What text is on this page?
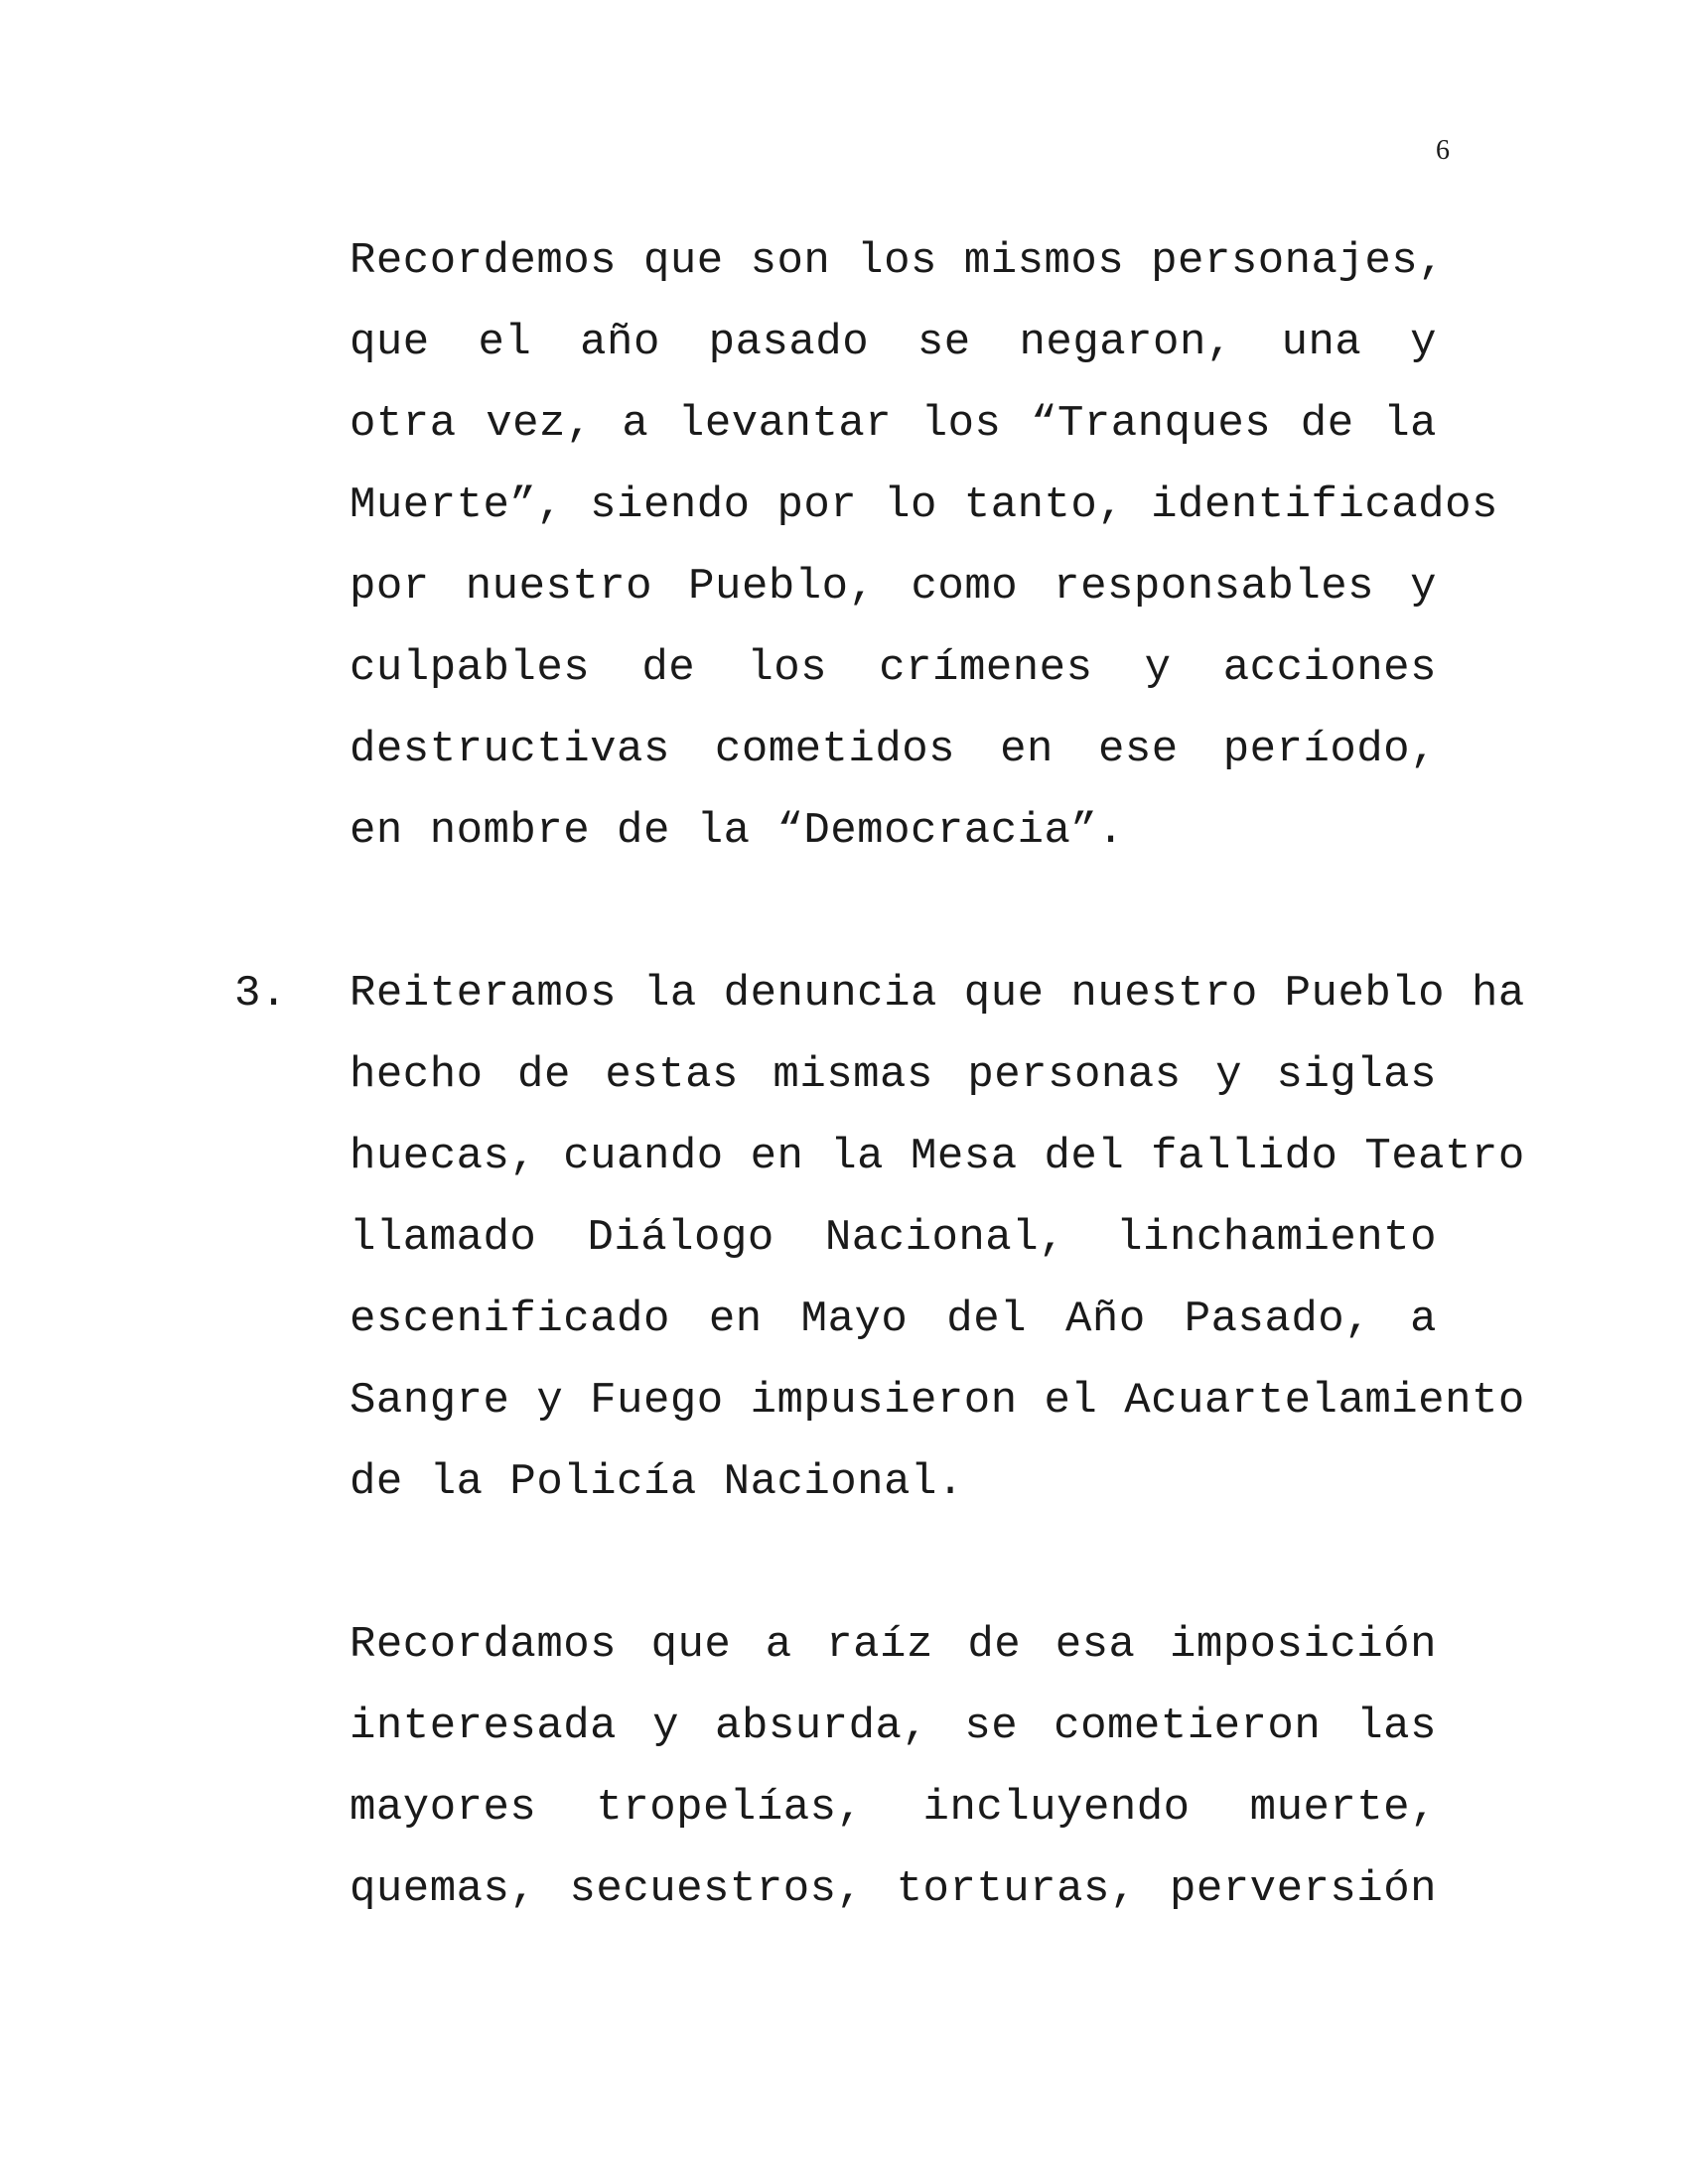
6
Recordemos que son los mismos personajes,
que el año pasado se negaron, una y
otra vez, a levantar los “Tranques de la
Muerte”, siendo por lo tanto, identificados
por nuestro Pueblo, como responsables y
culpables de los crímenes y acciones
destructivas cometidos en ese período,
en nombre de la “Democracia”.
3. Reiteramos la denuncia que nuestro Pueblo ha
hecho de estas mismas personas y siglas
huecas, cuando en la Mesa del fallido Teatro
llamado Diálogo Nacional, linchamiento
escenificado en Mayo del Año Pasado, a
Sangre y Fuego impusieron el Acuartelamiento
de la Policía Nacional.
Recordamos que a raíz de esa imposición
interesada y absurda, se cometieron las
mayores tropelías, incluyendo muerte,
quemas, secuestros, torturas, perversión
